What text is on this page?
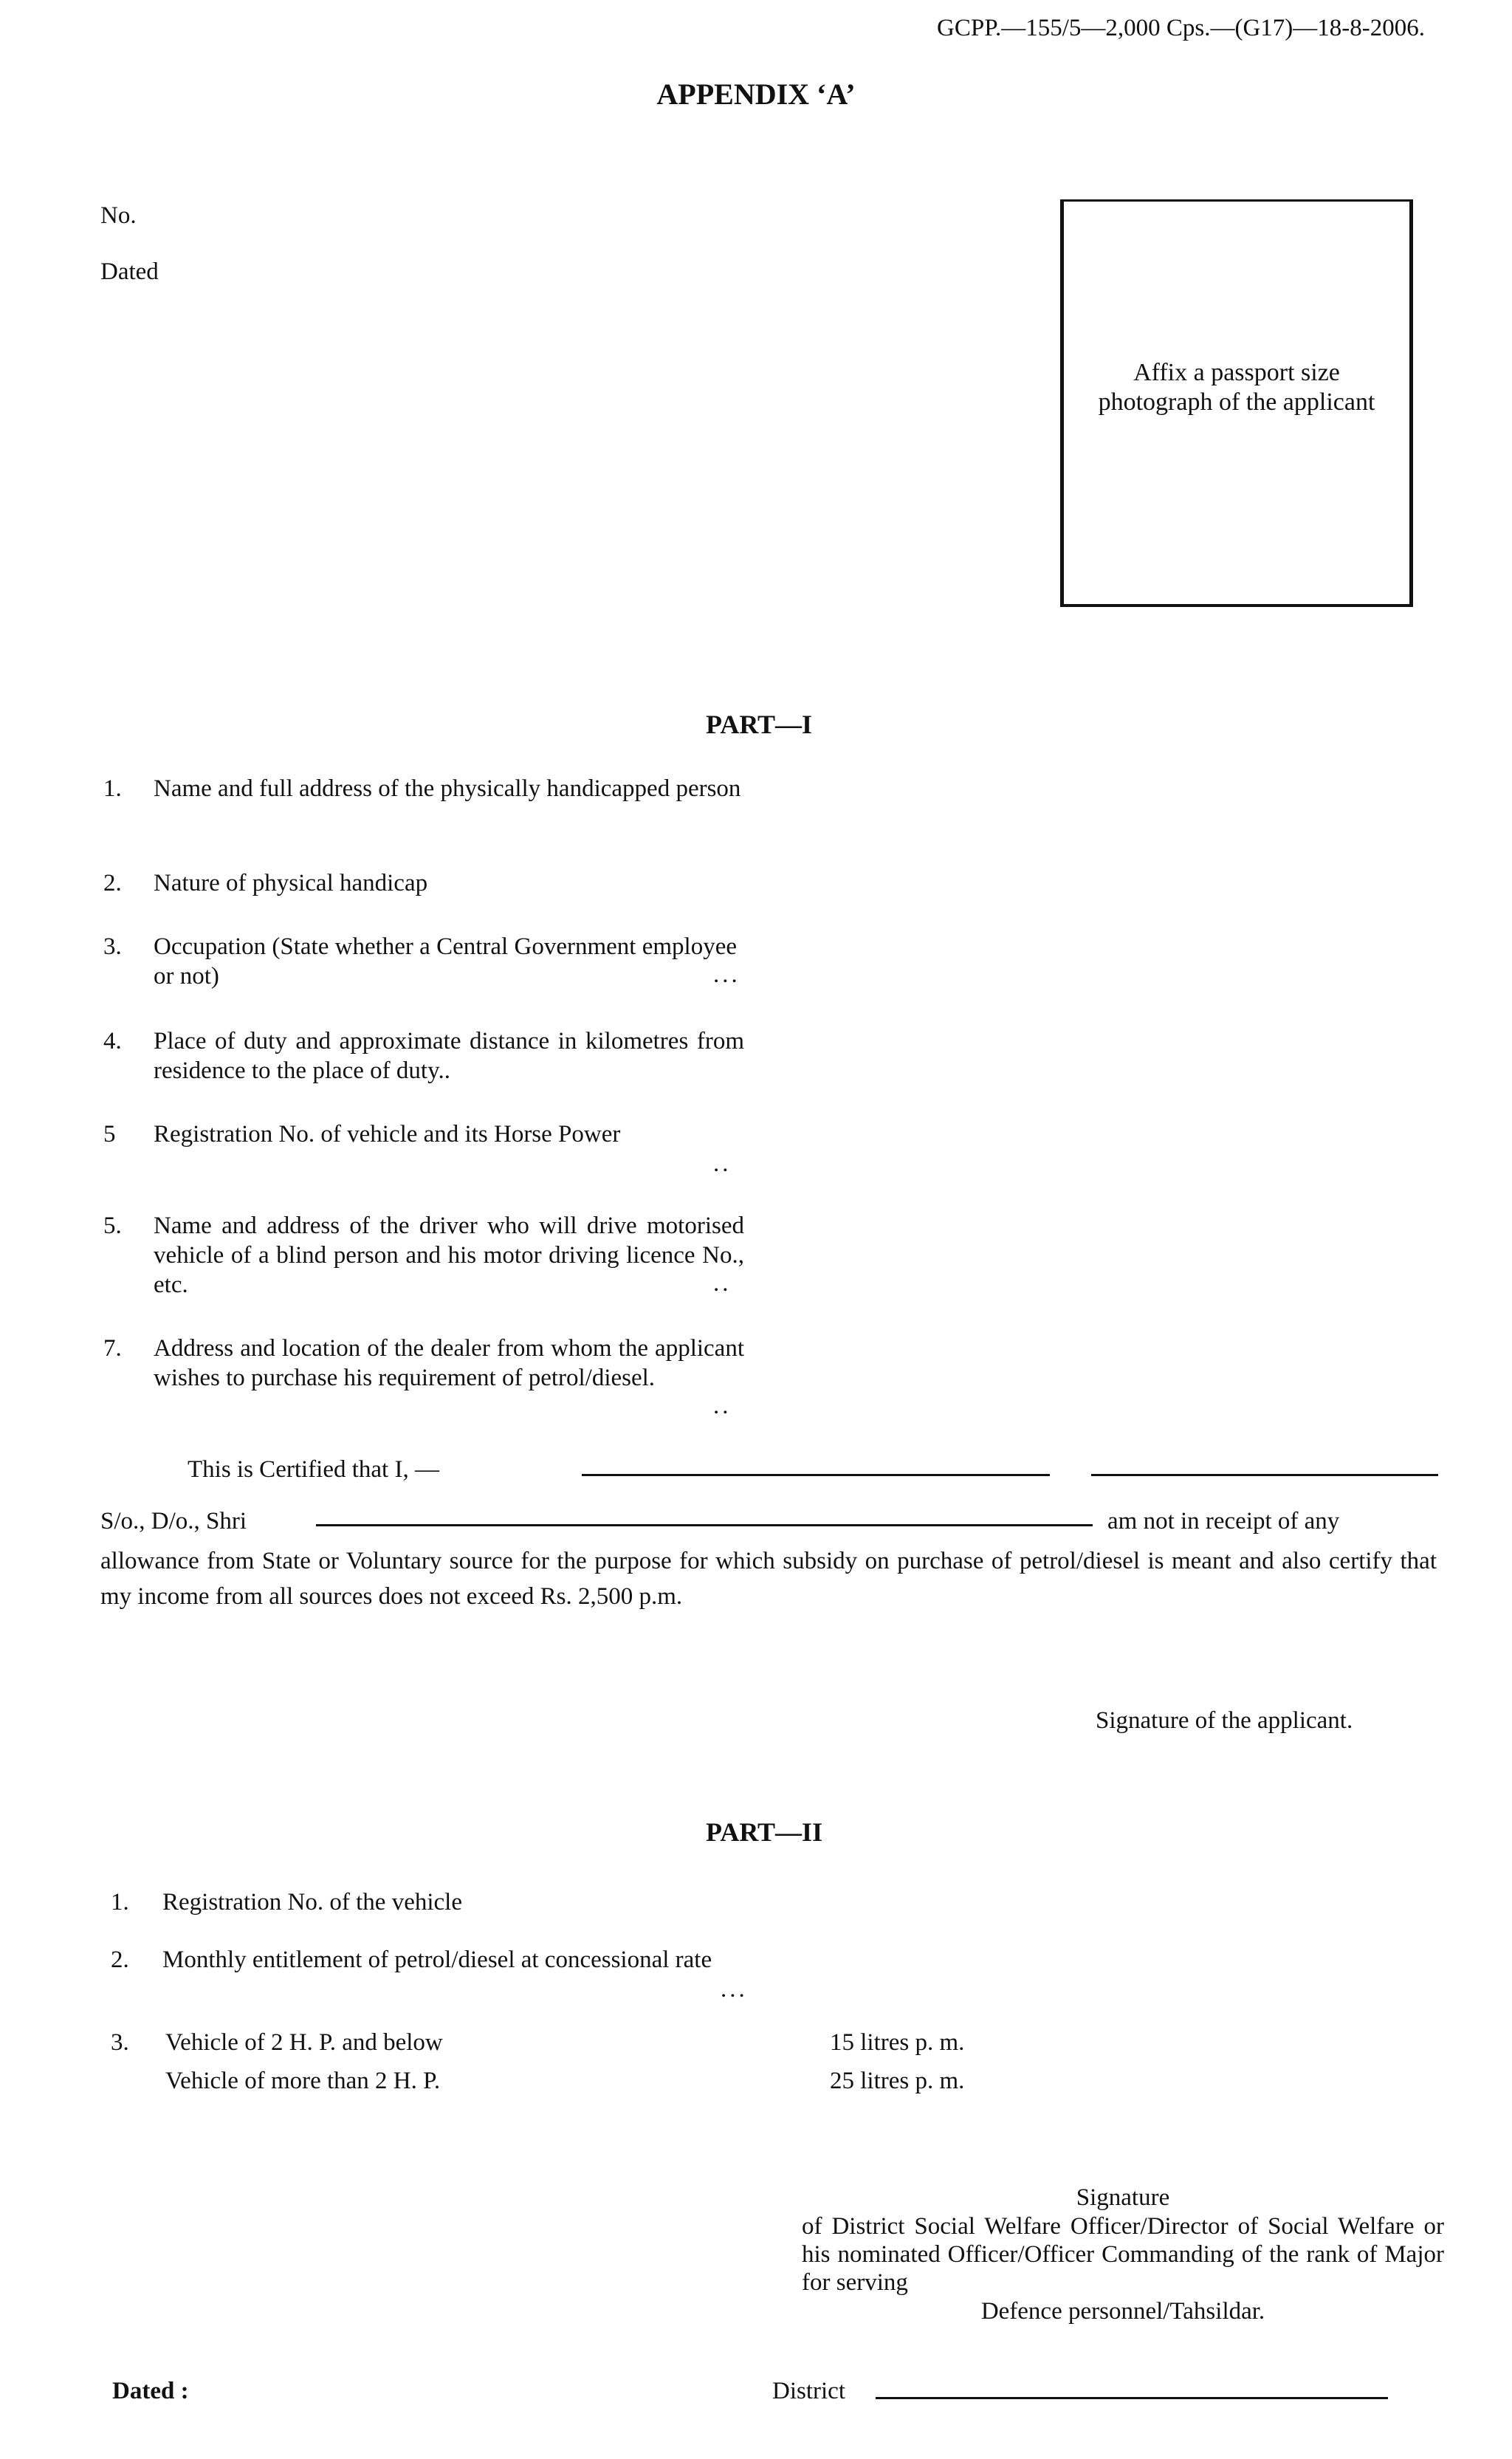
GCPP.—155/5—2,000 Cps.—(G17)—18-8-2006.
APPENDIX ‘A’
No.
Dated
Affix a passport size photograph of the applicant
PART—I
1. Name and full address of the physically handicapped person
2. Nature of physical handicap
3. Occupation (State whether a Central Government employee or not)	...
4. Place of duty and approximate distance in kilometres from residence to the place of duty..
5 Registration No. of vehicle and its Horse Power
..
5. Name and address of the driver who will drive motorised vehicle of a blind person and his motor driving licence No., etc.	..
7. Address and location of the dealer from whom the applicant wishes to purchase his requirement of petrol/diesel.
..
This is Certified that I, —
S/o., D/o., Shri	am not in receipt of any
allowance from State or Voluntary source for the purpose for which subsidy on purchase of petrol/diesel is meant and also certify that my income from all sources does not exceed Rs. 2,500 p.m.
Signature of the applicant.
PART—II
1. Registration No. of the vehicle
2. Monthly entitlement of petrol/diesel at concessional rate
...
3. Vehicle of 2 H. P. and below	15 litres p. m.
Vehicle of more than 2 H. P.	25 litres p. m.
Signature
of District Social Welfare Officer/Director of Social Welfare or his nominated Officer/Officer Commanding of the rank of Major for serving
Defence personnel/Tahsildar.
Dated :	District
